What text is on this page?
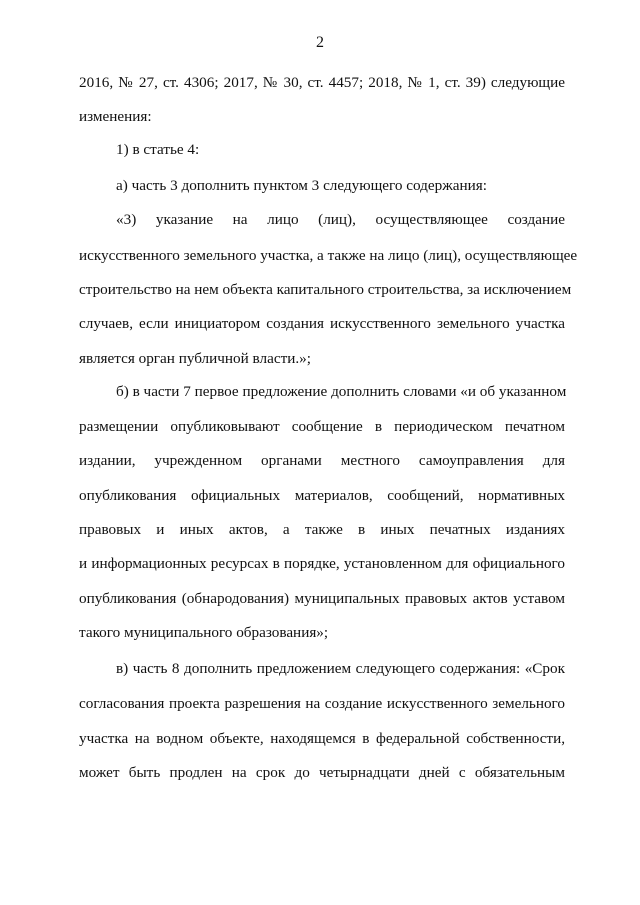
2
2016, № 27, ст. 4306; 2017, № 30, ст. 4457; 2018, № 1, ст. 39) следующие
изменения:
1) в статье 4:
а) часть 3 дополнить пунктом 3 следующего содержания:
«3) указание на лицо (лиц), осуществляющее создание
искусственного земельного участка, а также на лицо (лиц), осуществляющее
строительство на нем объекта капитального строительства, за исключением
случаев, если инициатором создания искусственного земельного участка
является орган публичной власти.»;
б) в части 7 первое предложение дополнить словами «и об указанном
размещении опубликовывают сообщение в периодическом печатном
издании, учрежденном органами местного самоуправления для
опубликования официальных материалов, сообщений, нормативных
правовых и иных актов, а также в иных печатных изданиях
и информационных ресурсах в порядке, установленном для официального
опубликования (обнародования) муниципальных правовых актов уставом
такого муниципального образования»;
в) часть 8 дополнить предложением следующего содержания: «Срок
согласования проекта разрешения на создание искусственного земельного
участка на водном объекте, находящемся в федеральной собственности,
может быть продлен на срок до четырнадцати дней с обязательным
